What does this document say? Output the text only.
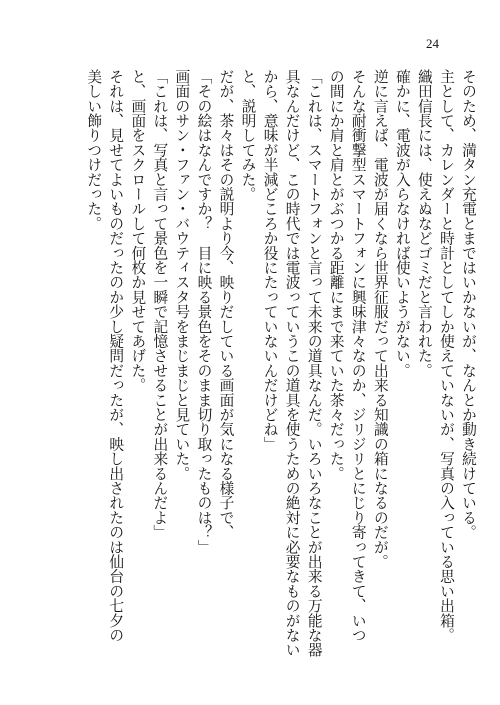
24
そのため、満タン充電とまではいかないが、なんとか動き続けている。
主として、カレンダーと時計としてしか使えていないが、写真の入っている思い出箱。
織田信長には、使えぬなどゴミだと言われた。
確かに、電波が入らなければ使いようがない。
逆に言えば、電波が届くなら世界征服だって出来る知識の箱になるのだが。
そんな耐衝撃型スマートフォンに興味津々なのか、ジリジリとにじり寄ってきて、いつ
の間にか肩と肩とがぶつかる距離にまで来ていた茶々だった。
「これは、スマートフォンと言って未来の道具なんだ。いろいろなことが出来る万能な器
具なんだけど、この時代では電波っていうこの道具を使うための絶対に必要なものがない
から、意味が半減どころか役にたっていないんだけどね」
と、説明してみた。
だが、茶々はその説明より今、映りだしている画面が気になる様子で、
「その絵はなんですか？　目に映る景色をそのまま切り取ったものは？」
画面のサン・ファン・バウティスタ号をまじまじと見ていた。
「これは、写真と言って景色を一瞬で記憶させることが出来るんだよ」
と、画面をスクロールして何枚か見せてあげた。
それは、見せてよいものだったのか少し疑問だったが、映し出されたのは仙台の七夕の
美しい飾りつけだった。
